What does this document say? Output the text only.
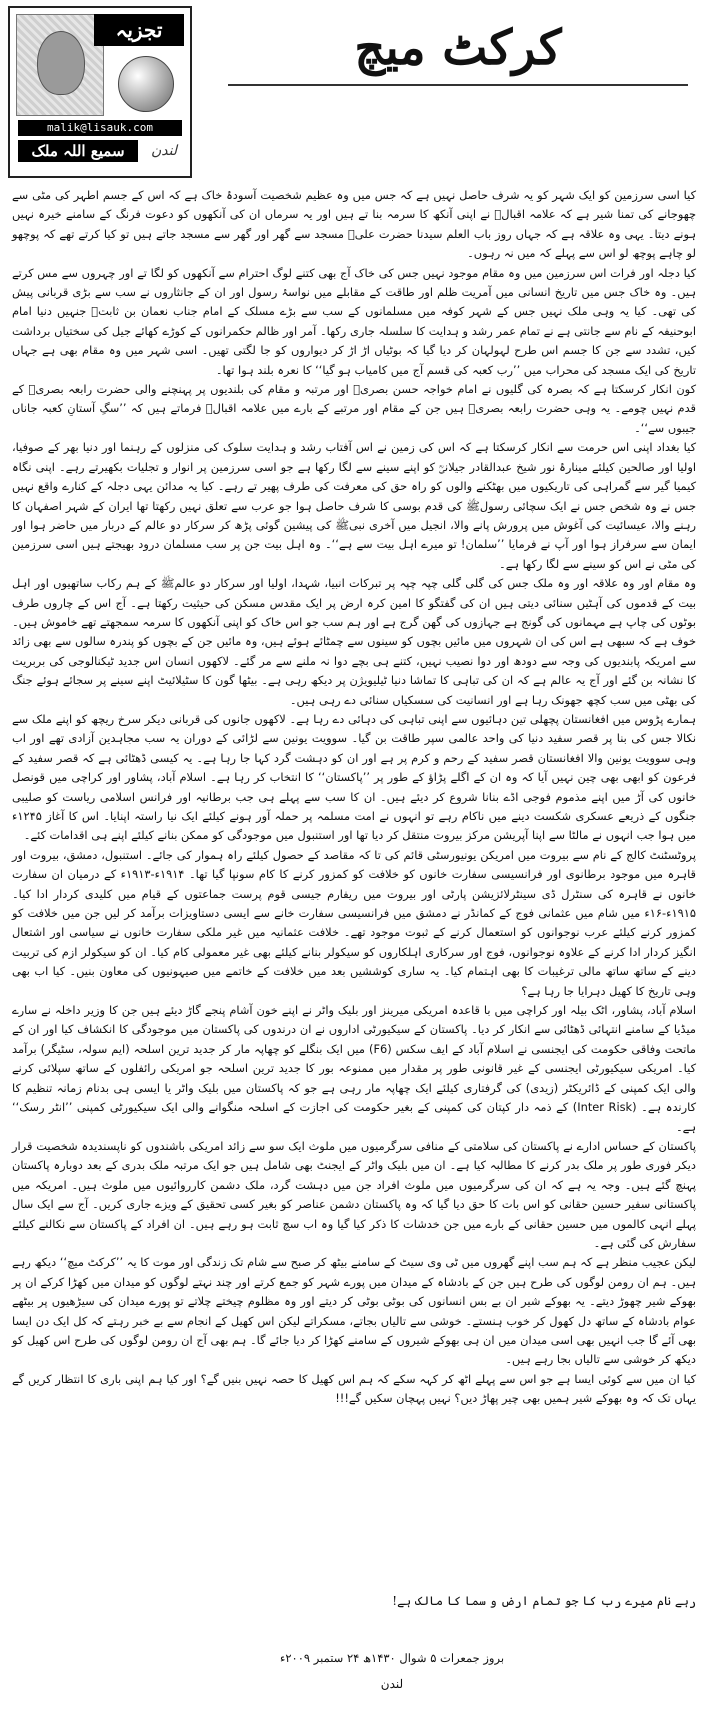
کرکٹ میچ
تجزیہ
malik@lisauk.com
سمیع اللہ ملک	لندن

کیا اسی سرزمین کو ایک شہر کو یہ شرف حاصل نہیں ہے کہ جس میں وہ عظیم شخصیت آسودۂ خاک ہے کہ اس کے جسم اطہر کی مٹی سے چھوجانے کی تمنا شیر ہے کہ علامہ اقبالؒ نے اپنی آنکھ کا سرمہ بنا تے ہیں اور یہ سرماں ان کی آنکھوں کو دعوت فرنگ کے سامنے خیرہ نہیں ہونے دیتا۔ یہی وہ علاقہ ہے کہ جہاں روز باب العلم سیدنا حضرت علیؓ مسجد سے گھر اور گھر سے مسجد جاتے ہیں تو کیا کرتے تھے کہ پوچھو لو چاہے پوچھ لو اس سے پہلے کہ میں نہ رہوں۔

کیا دجلہ اور فرات اس سرزمین میں وہ مقام موجود نہیں جس کی خاک آج بھی کتنے لوگ احترام سے آنکھوں کو لگا تے اور چہروں سے مس کرتے ہیں۔ وہ خاک جس میں تاریخ انسانی میں آمریت ظلم اور طاقت کے مقابلے میں نواسۂ رسول اور ان کے جانثاروں نے سب سے بڑی قربانی پیش کی تھی۔ کیا یہ وہی ملک نہیں جس کے شہر کوفہ میں مسلمانوں کے سب سے بڑے مسلک کے امام جناب نعمان بن ثابتؒ جنہیں دنیا امام ابوحنیفہ کے نام سے جانتی ہے نے تمام عمر رشد و ہدایت کا سلسلہ جاری رکھا۔ آمر اور ظالم حکمرانوں کے کوڑے کھائے جیل کی سختیاں برداشت کیں، تشدد سے جن کا جسم اس طرح لہولہان کر دیا گیا کہ بوٹیاں اڑ اڑ کر دیواروں کو جا لگتی تھیں۔ اسی شہر میں وہ مقام بھی ہے جہاں تاریخ کی ایک مسجد کی محراب میں ’’رب کعبہ کی قسم آج میں کامیاب ہو گیا‘‘ کا نعرہ بلند ہوا تھا۔

کون انکار کرسکتا ہے کہ بصرہ کی گلیوں نے امام خواجہ حسن بصریؒ اور مرتبہ و مقام کی بلندیوں پر پہنچنے والی حضرت رابعہ بصریؒ کے قدم نہیں چومے۔ یہ وہی حضرت رابعہ بصریؒ ہیں جن کے مقام اور مرتبے کے بارے میں علامہ اقبالؒ فرماتے ہیں کہ ’’سگِ آستانِ کعبہ جاناں جیبوں سے‘‘۔

کیا بغداد اپنی اس حرمت سے انکار کرسکتا ہے کہ اس کی زمین نے اس آفتاب رشد و ہدایت سلوک کی منزلوں کے رہنما اور دنیا بھر کے صوفیا، اولیا اور صالحین کیلئے مینارۂ نور شیخ عبدالقادر جیلانیؒ کو اپنے سینے سے لگا رکھا ہے جو اسی سرزمین پر انوار و تجلیات بکھیرتے رہے۔ اپنی نگاہ کیمیا گیر سے گمراہی کی تاریکیوں میں بھٹکنے والوں کو راہ حق کی معرفت کی طرف پھیر تے رہے۔ کیا یہ مدائن یہی دجلہ کے کنارے واقع نہیں جس نے وہ شخص جس نے ایک سچائی رسولﷺ کی قدم بوسی کا شرف حاصل ہوا جو عرب سے تعلق نہیں رکھتا تھا ایران کے شہر اصفہان کا رہنے والا، عیسائیت کی آغوش میں پرورش پانے والا، انجیل میں آخری نبیﷺ کی پیشین گوئی پڑھ کر سرکار دو عالم کے دربار میں حاضر ہوا اور ایمان سے سرفراز ہوا اور آپ نے فرمایا ’’سلمان! تو میرے اہل بیت سے ہے‘‘۔ وہ اہل بیت جن پر سب مسلمان درود بھیجتے ہیں اسی سرزمین کی مٹی نے اس کو سینے سے لگا رکھا ہے۔

وہ مقام اور وہ علاقہ اور وہ ملک جس کی گلی گلی چپہ چپہ پر تبرکات انبیا، شہدا، اولیا اور سرکار دو عالمﷺ کے ہم رکاب ساتھیوں اور اہل بیت کے قدموں کی آہٹیں سنائی دیتی ہیں ان کی گفتگو کا امین کرہ ارض پر ایک مقدس مسکن کی حیثیت رکھتا ہے۔ آج اس کے چاروں طرف بوٹوں کی چاپ ہے مہمانوں کی گونج ہے جہازوں کی گھن گرج ہے اور ہم سب جو اس خاک کو اپنی آنکھوں کا سرمہ سمجھتے تھے خاموش ہیں۔ خوف ہے کہ سبھی ہے اس کی ان شہروں میں مائیں بچوں کو سینوں سے چمٹائے ہوئے ہیں، وہ مائیں جن کے بچوں کو پندرہ سالوں سے بھی زائد سے امریکہ پابندیوں کی وجہ سے دودھ اور دوا نصیب نہیں، کتنے ہی بچے دوا نہ ملنے سے مر گئے۔ لاکھوں انسان اس جدید ٹیکنالوجی کی بربریت کا نشانہ بن گئے اور آج یہ عالم ہے کہ ان کی تباہی کا تماشا دنیا ٹیلیویژن پر دیکھ رہی ہے۔ بیٹھا گون کا سٹیلائیٹ اپنے سینے پر سجائے ہوئے جنگ کی بھٹی میں سب کچھ جھونک رہا ہے اور انسانیت کی سسکیاں سنائی دے رہی ہیں۔

ہمارے پڑوس میں افغانستان پچھلی تین دہائیوں سے اپنی تباہی کی دہائی دے رہا ہے۔ لاکھوں جانوں کی قربانی دیکر سرخ ریچھ کو اپنے ملک سے نکالا جس کی بنا پر قصر سفید دنیا کی واحد عالمی سپر طاقت بن گیا۔ سوویت یونین سے لڑائی کے دوران یہ سب مجاہدین آزادی تھے اور اب وہی سوویت یونین والا افغانستان قصر سفید کے رحم و کرم پر ہے اور ان کو دہشت گرد کہا جا رہا ہے۔ یہ کیسی ڈھٹائی ہے کہ قصر سفید کے فرعون کو ابھی بھی چین نہیں آیا کہ وہ ان کے اگلے پڑاؤ کے طور پر ’’پاکستان‘‘ کا انتخاب کر رہا ہے۔ اسلام آباد، پشاور اور کراچی میں قونصل خانوں کی آڑ میں اپنے مذموم فوجی اڈے بنانا شروع کر دیئے ہیں۔ ان کا سب سے پہلے ہی جب برطانیہ اور فرانس اسلامی ریاست کو صلیبی جنگوں کے ذریعے عسکری شکست دینے میں ناکام رہے تو انہوں نے امت مسلمہ پر حملہ آور ہونے کیلئے ایک نیا راستہ اپنایا۔ اس کا آغاز ۱۲۴۵ء میں ہوا جب انہوں نے مالٹا سے اپنا آپریشن مرکز بیروت منتقل کر دیا تھا اور استنبول میں موجودگی کو ممکن بنانے کیلئے اپنے ہی اقدامات کئے۔

پروٹسٹنٹ کالج کے نام سے بیروت میں امریکن یونیورسٹی قائم کی تا کہ مقاصد کے حصول کیلئے راہ ہموار کی جائے۔ استنبول، دمشق، بیروت اور قاہرہ میں موجود برطانوی اور فرانسیسی سفارت خانوں کو خلافت کو کمزور کرنے کا کام سونپا گیا تھا۔ ۱۹۱۴ء-۱۹۱۳ء کے درمیان ان سفارت خانوں نے قاہرہ کی سنٹرل ڈی سینٹرلائزیشن پارٹی اور بیروت میں ریفارم جیسی قوم پرست جماعتوں کے قیام میں کلیدی کردار ادا کیا۔ ۱۹۱۵ء-۱۶ء میں شام میں عثمانی فوج کے کمانڈر نے دمشق میں فرانسیسی سفارت خانے سے ایسی دستاویزات برآمد کر لیں جن میں خلافت کو کمزور کرنے کیلئے عرب نوجوانوں کو استعمال کرنے کے ثبوت موجود تھے۔ خلافت عثمانیہ میں غیر ملکی سفارت خانوں نے سیاسی اور اشتعال انگیز کردار ادا کرنے کے علاوہ نوجوانوں، فوج اور سرکاری اہلکاروں کو سیکولر بنانے کیلئے بھی غیر معمولی کام کیا۔ ان کو سیکولر ازم کی تربیت دینے کے ساتھ ساتھ مالی ترغیبات کا بھی اہتمام کیا۔ یہ ساری کوششیں بعد میں خلافت کے خاتمے میں صیہونیوں کی معاون بنیں۔ کیا اب بھی وہی تاریخ کا کھیل دہرایا جا رہا ہے؟

اسلام آباد، پشاور، اٹک بیلہ اور کراچی میں با قاعدہ امریکی میرینز اور بلیک واٹر نے اپنے خون آشام پنجے گاڑ دیئے ہیں جن کا وزیر داخلہ نے سارے میڈیا کے سامنے انتہائی ڈھٹائی سے انکار کر دیا۔ پاکستان کے سیکیورٹی اداروں نے ان درندوں کی پاکستان میں موجودگی کا انکشاف کیا اور ان کے ماتحت وفاقی حکومت کی ایجنسی نے اسلام آباد کے ایف سکس (F6) میں ایک بنگلے کو چھاپہ مار کر جدید ترین اسلحہ (ایم سولہ، سٹیگر) برآمد کیا۔ امریکی سیکیورٹی ایجنسی کے غیر قانونی طور پر مقدار میں ممنوعہ بور کا جدید ترین اسلحہ جو امریکی رائفلوں کے ساتھ سپلائی کرنے والی ایک کمپنی کے ڈائریکٹر (زیدی) کی گرفتاری کیلئے ایک چھاپہ مار رہی ہے جو کہ پاکستان میں بلیک واٹر یا ایسی ہی بدنام زمانہ تنظیم کا کارندہ ہے۔ (Inter Risk) کے ذمہ دار کپتان کی کمپنی کے بغیر حکومت کی اجازت کے اسلحہ منگوانے والی ایک سیکیورٹی کمپنی ’’انٹر رسک‘‘ ہے۔

پاکستان کے حساس ادارے نے پاکستان کی سلامتی کے منافی سرگرمیوں میں ملوث ایک سو سے زائد امریکی باشندوں کو ناپسندیدہ شخصیت قرار دیکر فوری طور پر ملک بدر کرنے کا مطالبہ کیا ہے۔ ان میں بلیک واٹر کے ایجنٹ بھی شامل ہیں جو ایک مرتبہ ملک بدری کے بعد دوبارہ پاکستان پہنچ گئے ہیں۔ وجہ یہ ہے کہ ان کی سرگرمیوں میں ملوث افراد جن میں دہشت گرد، ملک دشمن کارروائیوں میں ملوث ہیں۔ امریکہ میں پاکستانی سفیر حسین حقانی کو اس بات کا حق دیا گیا کہ وہ پاکستان دشمن عناصر کو بغیر کسی تحقیق کے ویزے جاری کریں۔ آج سے ایک سال پہلے انہی کالموں میں حسین حقانی کے بارے میں جن خدشات کا ذکر کیا گیا وہ اب سچ ثابت ہو رہے ہیں۔ ان افراد کے پاکستان سے نکالنے کیلئے سفارش کی گئی ہے۔

لیکن عجیب منظر ہے کہ ہم سب اپنے گھروں میں ٹی وی سیٹ کے سامنے بیٹھ کر صبح سے شام تک زندگی اور موت کا یہ ’’کرکٹ میچ‘‘ دیکھ رہے ہیں۔ ہم ان رومن لوگوں کی طرح ہیں جن کے بادشاہ کے میدان میں پورے شہر کو جمع کرتے اور چند نہتے لوگوں کو میدان میں کھڑا کرکے ان پر بھوکے شیر چھوڑ دیتے۔ یہ بھوکے شیر ان بے بس انسانوں کی بوٹی بوٹی کر دیتے اور وہ مظلوم چیختے چلاتے تو پورے میدان کی سیڑھیوں پر بیٹھے عوام بادشاہ کے ساتھ دل کھول کر خوب ہنستے۔ خوشی سے تالیاں بجاتے، مسکراتے لیکن اس کھیل کے انجام سے بے خبر رہتے کہ کل ایک دن ایسا بھی آئے گا جب انہیں بھی اسی میدان میں ان ہی بھوکے شیروں کے سامنے کھڑا کر دیا جائے گا۔ ہم بھی آج ان رومن لوگوں کی طرح اس کھیل کو دیکھ کر خوشی سے تالیاں بجا رہے ہیں۔

کیا ان میں سے کوئی ایسا ہے جو اس سے پہلے اٹھ کر کہہ سکے کہ ہم اس کھیل کا حصہ نہیں بنیں گے؟ اور کیا ہم اپنی باری کا انتظار کریں گے یہاں تک کہ وہ بھوکے شیر ہمیں بھی چیر پھاڑ دیں؟ نہیں پہچان سکیں گے!!!

رہے نام میرے رب کا جو تمام ارض و سما کا مالک ہے!
بروز جمعرات ۵ شوال ۱۴۳۰ھ ۲۴ ستمبر ۲۰۰۹ء
لندن
